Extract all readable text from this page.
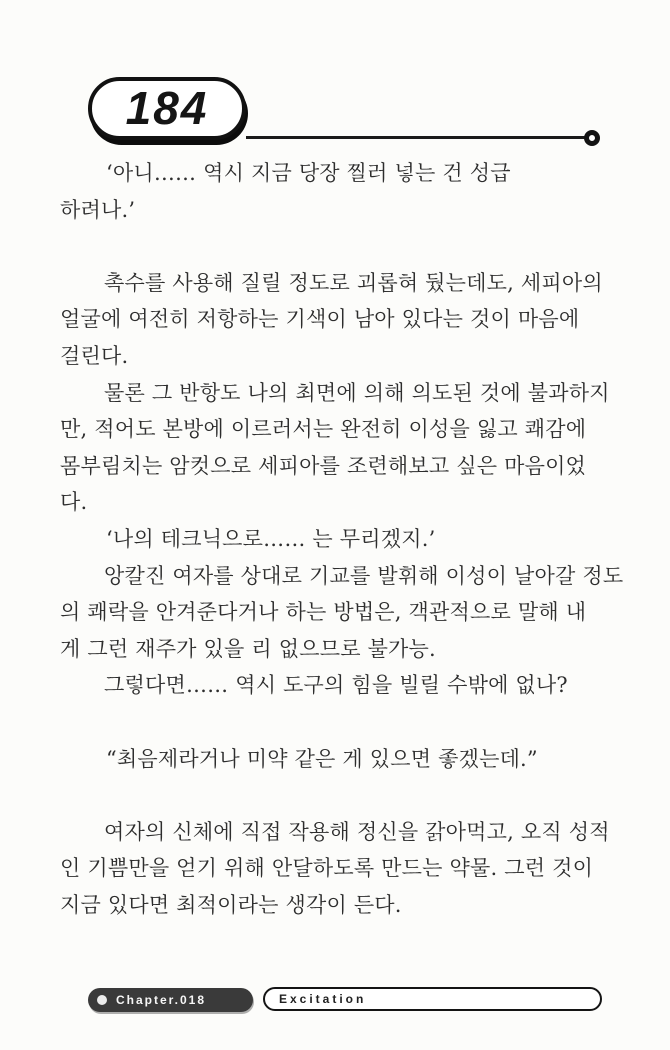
184
‘아니…… 역시 지금 당장 찔러 넣는 건 성급
하려나.’
촉수를 사용해 질릴 정도로 괴롭혀 뒀는데도, 세피아의
얼굴에 여전히 저항하는 기색이 남아 있다는 것이 마음에
걸린다.
물론 그 반항도 나의 최면에 의해 의도된 것에 불과하지
만, 적어도 본방에 이르러서는 완전히 이성을 잃고 쾌감에
몸부림치는 암컷으로 세피아를 조련해보고 싶은 마음이었
다.
‘나의 테크닉으로…… 는 무리겠지.’
앙칼진 여자를 상대로 기교를 발휘해 이성이 날아갈 정도
의 쾌락을 안겨준다거나 하는 방법은, 객관적으로 말해 내
게 그런 재주가 있을 리 없으므로 불가능.
그렇다면…… 역시 도구의 힘을 빌릴 수밖에 없나?
“최음제라거나 미약 같은 게 있으면 좋겠는데.”
여자의 신체에 직접 작용해 정신을 갉아먹고, 오직 성적
인 기쁨만을 얻기 위해 안달하도록 만드는 약물. 그런 것이
지금 있다면 최적이라는 생각이 든다.
Chapter.018	Excitation
